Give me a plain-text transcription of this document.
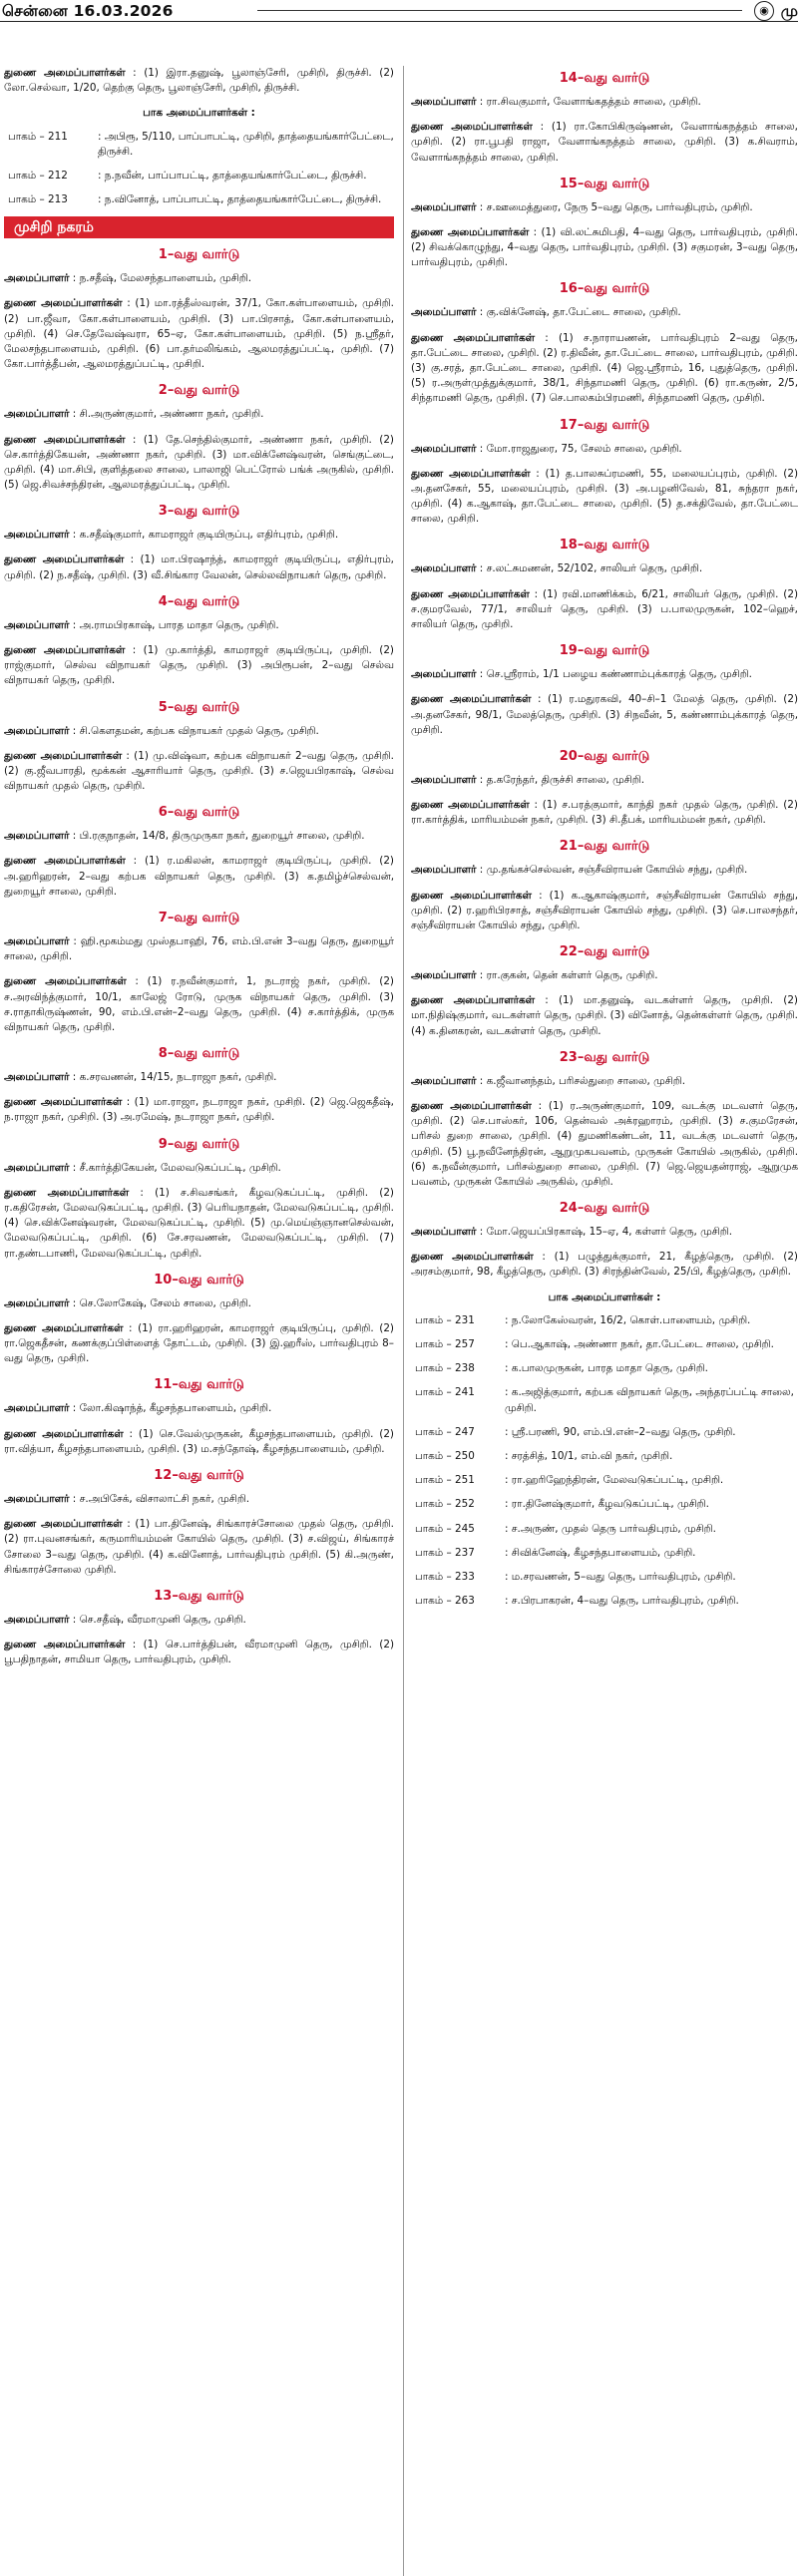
சென்னை 16.03.2026	◉ மு
துணை அமைப்பாளர்கள் : (1) இரா.தனுஷ், பூலாஞ்சேரி, முசிறி, திருச்சி. (2) லோ.செல்வா, 1/20, தெற்கு தெரு, பூலாஞ்சேரி, முசிறி, திருச்சி.
பாக அமைப்பாளர்கள் :
பாகம் – 211	: அபிரூ, 5/110, பாப்பாபட்டி, முசிறி, தாத்தையங்கார்பேட்டை, திருச்சி.
பாகம் – 212	: ந.நவீன், பாப்பாபட்டி, தாத்தையங்கார்பேட்டை, திருச்சி.
பாகம் – 213	: ந.வினோத், பாப்பாபட்டி, தாத்தையங்கார்பேட்டை, திருச்சி.
முசிறி நகரம்
1–வது வார்டு
அமைப்பாளர் : ந.சதீஷ், மேலசந்தபாளையம், முசிறி.
துணை அமைப்பாளர்கள் : (1) மா.ரத்தீஸ்வரன், 37/1, கோ.கள்பாளையம், முசிறி. (2) பா.ஜீவா, கோ.கள்பாளையம், முசிறி. (3) பா.பிரசாத், கோ.கள்பாளையம், முசிறி. (4) செ.தேவேஷ்வரா, 65–ஏ, கோ.கள்பாளையம், முசிறி. (5) ந.ஸ்ரீதர், மேலசந்தபாளையம், முசிறி. (6) பா.தர்மலிங்கம், ஆலமரத்துப்பட்டி, முசிறி. (7) கோ.பார்த்தீபன், ஆலமரத்துப்பட்டி, முசிறி.
2–வது வார்டு
அமைப்பாளர் : சி.அருண்குமார், அண்ணா நகர், முசிறி.
துணை அமைப்பாளர்கள் : (1) தே.செந்தில்குமார், அண்ணா நகர், முசிறி. (2) செ.கார்த்திகேயன், அண்ணா நகர், முசிறி. (3) மா.விக்னேஷ்வரன், செங்குட்டை, முசிறி. (4) மா.சிபி, குளித்தலை சாலை, பாலாஜி பெட்ரோல் பங்க் அருகில், முசிறி. (5) ஜெ.சிவச்சந்திரன், ஆலமரத்துப்பட்டி, முசிறி.
3–வது வார்டு
அமைப்பாளர் : க.சதீஷ்குமார், காமராஜர் குடியிருப்பு, எதிர்புரம், முசிறி.
துணை அமைப்பாளர்கள் : (1) மா.பிரஷாந்த், காமராஜர் குடியிருப்பு, எதிர்புரம், முசிறி. (2) ந.சதீஷ், முசிறி. (3) வீ.சிங்கார வேலன், செல்லவிநாயகர் தெரு, முசிறி.
4–வது வார்டு
அமைப்பாளர் : அ.ராமபிரகாஷ், பாரத மாதா தெரு, முசிறி.
துணை அமைப்பாளர்கள் : (1) மு.கார்த்தி, காமராஜர் குடியிருப்பு, முசிறி. (2) ராஜ்குமார், செல்வ விநாயகர் தெரு, முசிறி. (3) அபிரூபன், 2–வது செல்வ விநாயகர் தெரு, முசிறி.
5–வது வார்டு
அமைப்பாளர் : சி.கௌதமன், கற்பக விநாயகர் முதல் தெரு, முசிறி.
துணை அமைப்பாளர்கள் : (1) மு.விஷ்வா, கற்பக விநாயகர் 2–வது தெரு, முசிறி. (2) கு.ஜீவபாரதி, மூக்கன் ஆசாரியார் தெரு, முசிறி. (3) ச.ஜெயபிரகாஷ், செல்வ விநாயகர் முதல் தெரு, முசிறி.
6–வது வார்டு
அமைப்பாளர் : பி.ரகுநாதன், 14/8, திருமுருகா நகர், துறையூர் சாலை, முசிறி.
துணை அமைப்பாளர்கள் : (1) ர.மகிலன், காமராஜர் குடியிருப்பு, முசிறி. (2) அ.ஹரிஹரன், 2–வது கற்பக விநாயகர் தெரு, முசிறி. (3) க.தமிழ்ச்செல்வன், துறையூர் சாலை, முசிறி.
7–வது வார்டு
அமைப்பாளர் : ஹி.மூகம்மது முஸ்தபாஹி, 76, எம்.பி.என் 3–வது தெரு, துறையூர் சாலை, முசிறி.
துணை அமைப்பாளர்கள் : (1) ர.நவீன்குமார், 1, நடராஜ் நகர், முசிறி. (2) ச.அரவிந்த்குமார், 10/1, காலேஜ் ரோடு, முருக விநாயகர் தெரு, முசிறி. (3) ச.ராதாகிருஷ்ணன், 90, எம்.பி.என்–2–வது தெரு, முசிறி. (4) ச.கார்த்திக், முருக விநாயகர் தெரு, முசிறி.
8–வது வார்டு
அமைப்பாளர் : க.சரவணன், 14/15, நடராஜா நகர், முசிறி.
துணை அமைப்பாளர்கள் : (1) மா.ராஜா, நடராஜா நகர், முசிறி. (2) ஜெ.ஜெகதீஷ், ந.ராஜா நகர், முசிறி. (3) அ.ரமேஷ், நடராஜா நகர், முசிறி.
9–வது வார்டு
அமைப்பாளர் : சீ.கார்த்திகேயன், மேலவடுகப்பட்டி, முசிறி.
துணை அமைப்பாளர்கள் : (1) ச.சிவசங்கர், கீழவடுகப்பட்டி, முசிறி. (2) ர.கதிரேசன், மேலவடுகப்பட்டி, முசிறி. (3) பெரியநாதன், மேலவடுகப்பட்டி, முசிறி. (4) செ.விக்னேஷ்வரன், மேலவடுகப்பட்டி, முசிறி. (5) மு.மெய்ஞ்ஞானசெல்வன், மேலவடுகப்பட்டி, முசிறி. (6) சே.சரவணன், மேலவடுகப்பட்டி, முசிறி. (7) ரா.தண்டபாணி, மேலவடுகப்பட்டி, முசிறி.
10–வது வார்டு
அமைப்பாளர் : செ.லோகேஷ், சேலம் சாலை, முசிறி.
துணை அமைப்பாளர்கள் : (1) ரா.ஹரிஹரன், காமராஜர் குடியிருப்பு, முசிறி. (2) ரா.ஜெகதீசன், கணக்குப்பிள்ளைத் தோட்டம், முசிறி. (3) இ.ஹரீஸ், பார்வதிபுரம் 8–வது தெரு, முசிறி.
11–வது வார்டு
அமைப்பாளர் : லோ.கிஷாந்த், கீழசந்தபாளையம், முசிறி.
துணை அமைப்பாளர்கள் : (1) செ.வேல்முருகன், கீழசந்தபாளையம், முசிறி. (2) ரா.வித்யா, கீழசந்தபாளையம், முசிறி. (3) ம.சந்தோஷ், கீழசந்தபாளையம், முசிறி.
12–வது வார்டு
அமைப்பாளர் : ச.அபிசேக், விசாலாட்சி நகர், முசிறி.
துணை அமைப்பாளர்கள் : (1) பா.தினேஷ், சிங்காரச்சோலை முதல் தெரு, முசிறி. (2) ரா.புவனசங்கர், கருமாரியம்மன் கோயில் தெரு, முசிறி. (3) ச.விஜய், சிங்காரச் சோலை 3–வது தெரு, முசிறி. (4) க.வினோத், பார்வதிபுரம் முசிறி. (5) கி.அருண், சிங்காரச்சோலை முசிறி.
13–வது வார்டு
அமைப்பாளர் : செ.சதீஷ், வீரமாமுனி தெரு, முசிறி.
துணை அமைப்பாளர்கள் : (1) செ.பார்த்திபன், வீரமாமுனி தெரு, முசிறி. (2) பூபதிநாதன், சாமியா தெரு, பார்வதிபுரம், முசிறி.
14–வது வார்டு
அமைப்பாளர் : ரா.சிவகுமார், வேளாங்கதத்தம் சாலை, முசிறி.
துணை அமைப்பாளர்கள் : (1) ரா.கோபிகிருஷ்ணன், வேளாங்கநத்தம் சாலை, முசிறி. (2) ரா.பூபதி ராஜா, வேளாங்கநத்தம் சாலை, முசிறி. (3) க.சிவராம், வேளாங்கநத்தம் சாலை, முசிறி.
15–வது வார்டு
அமைப்பாளர் : ச.ஊமைத்துரை, நேரு 5–வது தெரு, பார்வதிபுரம், முசிறி.
துணை அமைப்பாளர்கள் : (1) வி.லட்சுமிபதி, 4–வது தெரு, பார்வதிபுரம், முசிறி. (2) சிவக்கொழுந்து, 4–வது தெரு, பார்வதிபுரம், முசிறி. (3) சகுமரன், 3–வது தெரு, பார்வதிபுரம், முசிறி.
16–வது வார்டு
அமைப்பாளர் : கு.விக்னேஷ், தா.பேட்டை சாலை, முசிறி.
துணை அமைப்பாளர்கள் : (1) ச.நாராயணன், பார்வதிபுரம் 2–வது தெரு, தா.பேட்டை சாலை, முசிறி. (2) ர.திவீன், தா.பேட்டை சாலை, பார்வதிபுரம், முசிறி. (3) கு.சரத், தா.பேட்டை சாலை, முசிறி. (4) ஜெ.ஸ்ரீராம், 16, புதுத்தெரு, முசிறி. (5) ர.அருள்முத்துக்குமார், 38/1, சிந்தாமணி தெரு, முசிறி. (6) ரா.கருண், 2/5, சிந்தாமணி தெரு, முசிறி. (7) செ.பாலகம்பிரமணி, சிந்தாமணி தெரு, முசிறி.
17–வது வார்டு
அமைப்பாளர் : மோ.ராஜதுரை, 75, சேலம் சாலை, முசிறி.
துணை அமைப்பாளர்கள் : (1) த.பாலசுப்ரமணி, 55, மலையப்புரம், முசிறி. (2) அ.தனசேகர், 55, மலையப்புரம், முசிறி. (3) அ.பழனிவேல், 81, சுந்தரா நகர், முசிறி. (4) க.ஆகாஷ், தா.பேட்டை சாலை, முசிறி. (5) த.சக்திவேல், தா.பேட்டை சாலை, முசிறி.
18–வது வார்டு
அமைப்பாளர் : ச.லட்சுமணன், 52/102, சாலியர் தெரு, முசிறி.
துணை அமைப்பாளர்கள் : (1) ரவி.மாணிக்கம், 6/21, சாலியர் தெரு, முசிறி. (2) ச.குமரவேல், 77/1, சாலியர் தெரு, முசிறி. (3) ப.பாலமுருகன், 102–ஹெச், சாலியர் தெரு, முசிறி.
19–வது வார்டு
அமைப்பாளர் : செ.ஸ்ரீராம், 1/1 பழைய கண்ணாம்புக்காரத் தெரு, முசிறி.
துணை அமைப்பாளர்கள் : (1) ர.மதுரகவி, 40–சி–1 மேலத் தெரு, முசிறி. (2) அ.தனசேகர், 98/1, மேலத்தெரு, முசிறி. (3) சிநவீன், 5, கண்ணாம்புக்காரத் தெரு, முசிறி.
20–வது வார்டு
அமைப்பாளர் : த.கரேந்தர், திருச்சி சாலை, முசிறி.
துணை அமைப்பாளர்கள் : (1) ச.பரத்குமார், காந்தி நகர் முதல் தெரு, முசிறி. (2) ரா.கார்த்திக், மாரியம்மன் நகர், முசிறி. (3) சி.தீபக், மாரியம்மன் நகர், முசிறி.
21–வது வார்டு
அமைப்பாளர் : மு.தங்கச்செல்வன், சஞ்சீவிராயன் கோயில் சந்து, முசிறி.
துணை அமைப்பாளர்கள் : (1) க.ஆகாஷ்குமார், சஞ்சீவிராயன் கோயில் சந்து, முசிறி. (2) ர.ஹரிபிரசாத், சஞ்சீவிராயன் கோயில் சந்து, முசிறி. (3) செ.பாலசந்தர், சஞ்சீவிராயன் கோயில் சந்து, முசிறி.
22–வது வார்டு
அமைப்பாளர் : ரா.குகன், தென் கள்ளர் தெரு, முசிறி.
துணை அமைப்பாளர்கள் : (1) மா.தனுஷ், வடகள்ளர் தெரு, முசிறி. (2) மா.நிதிஷ்குமார், வடகள்ளர் தெரு, முசிறி. (3) வினோத், தென்கள்ளர் தெரு, முசிறி. (4) க.தினகரன், வடகள்ளர் தெரு, முசிறி.
23–வது வார்டு
அமைப்பாளர் : க.ஜீவானந்தம், பரிசல்துறை சாலை, முசிறி.
துணை அமைப்பாளர்கள் : (1) ர.அருண்குமார், 109, வடக்கு மடவளர் தெரு, முசிறி. (2) செ.பாஸ்கர், 106, தென்வல் அக்ரஹாரம், முசிறி. (3) ச.குமரேசன், பரிசல் துறை சாலை, முசிறி. (4) துமணிகண்டன், 11, வடக்கு மடவளர் தெரு, முசிறி. (5) பூ.நவீனேந்திரன், ஆறுமுகபவனம், முருகன் கோயில் அருகில், முசிறி. (6) க.நவீன்குமார், பரிசல்துறை சாலை, முசிறி. (7) ஜெ.ஜெயதன்ராஜ், ஆறுமுக பவனம், முருகன் கோயில் அருகில், முசிறி.
24–வது வார்டு
அமைப்பாளர் : மோ.ஜெயப்பிரகாஷ், 15–ஏ, 4, கள்ளர் தெரு, முசிறி.
துணை அமைப்பாளர்கள் : (1) பழுத்துக்குமார், 21, கீழத்தெரு, முசிறி. (2) அரசம்குமார், 98, கீழத்தெரு, முசிறி. (3) சிரந்தின்வேல், 25/பி, கீழத்தெரு, முசிறி.
பாக அமைப்பாளர்கள் :
பாகம் – 231	: ந.லோகேஸ்வரன், 16/2, கொள்.பாளையம், முசிறி.
பாகம் – 257	: பெ.ஆகாஷ், அண்ணா நகர், தா.பேட்டை சாலை, முசிறி.
பாகம் – 238	: க.பாலமுருகன், பாரத மாதா தெரு, முசிறி.
பாகம் – 241	: க.அஜித்குமார், கற்பக விநாயகர் தெரு, அந்தரப்பட்டி சாலை, முசிறி.
பாகம் – 247	: ஸ்ரீ.பரணி, 90, எம்.பி.என்–2–வது தெரு, முசிறி.
பாகம் – 250	: சரத்சித், 10/1, எம்.வி நகர், முசிறி.
பாகம் – 251	: ரா.ஹரிஹேந்திரன், மேலவடுகப்பட்டி, முசிறி.
பாகம் – 252	: ரா.தினேஷ்குமார், கீழவடுகப்பட்டி, முசிறி.
பாகம் – 245	: ச.அருண், முதல் தெரு பார்வதிபுரம், முசிறி.
பாகம் – 237	: சிவிக்னேஷ், கீழசந்தபாளையம், முசிறி.
பாகம் – 233	: ம.சரவணன், 5–வது தெரு, பார்வதிபுரம், முசிறி.
பாகம் – 263	: ச.பிரபாகரன், 4–வது தெரு, பார்வதிபுரம், முசிறி.
